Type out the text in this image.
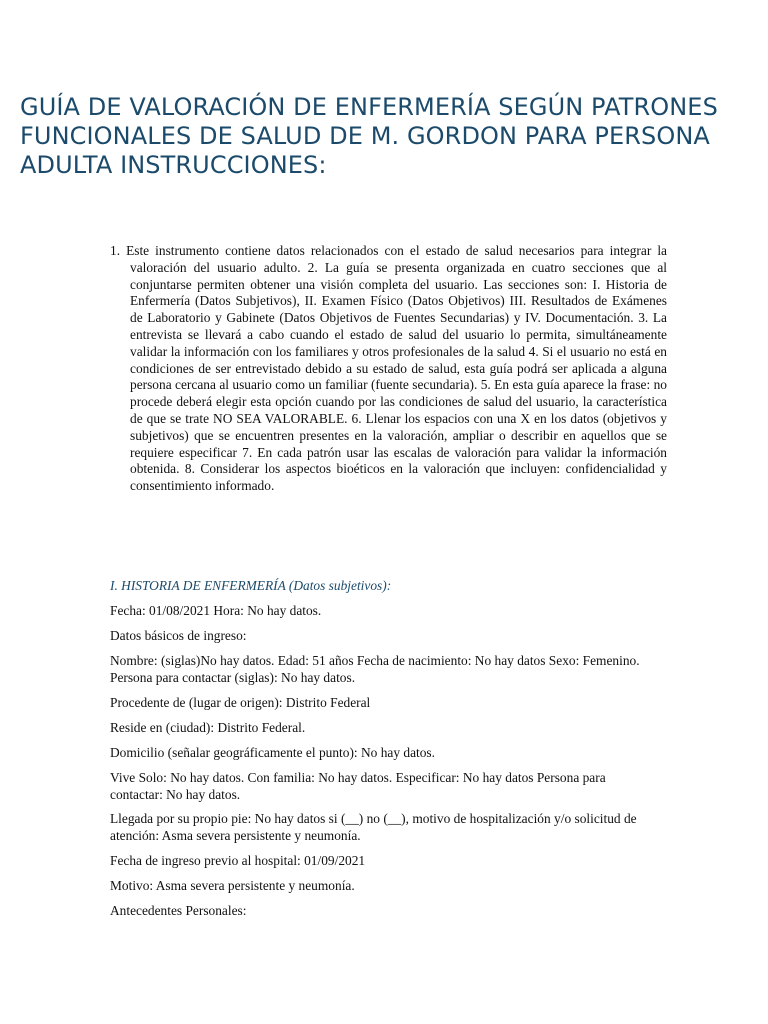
GUÍA DE VALORACIÓN DE ENFERMERÍA SEGÚN PATRONES FUNCIONALES DE SALUD DE M. GORDON PARA PERSONA ADULTA INSTRUCCIONES:

1. Este instrumento contiene datos relacionados con el estado de salud necesarios para integrar la valoración del usuario adulto. 2. La guía se presenta organizada en cuatro secciones que al conjuntarse permiten obtener una visión completa del usuario. Las secciones son: I. Historia de Enfermería (Datos Subjetivos), II. Examen Físico (Datos Objetivos) III. Resultados de Exámenes de Laboratorio y Gabinete (Datos Objetivos de Fuentes Secundarias) y IV. Documentación. 3. La entrevista se llevará a cabo cuando el estado de salud del usuario lo permita, simultáneamente validar la información con los familiares y otros profesionales de la salud 4. Si el usuario no está en condiciones de ser entrevistado debido a su estado de salud, esta guía podrá ser aplicada a alguna persona cercana al usuario como un familiar (fuente secundaria). 5. En esta guía aparece la frase: no procede deberá elegir esta opción cuando por las condiciones de salud del usuario, la característica de que se trate NO SEA VALORABLE. 6. Llenar los espacios con una X en los datos (objetivos y subjetivos) que se encuentren presentes en la valoración, ampliar o describir en aquellos que se requiere especificar 7. En cada patrón usar las escalas de valoración para validar la información obtenida. 8. Considerar los aspectos bioéticos en la valoración que incluyen: confidencialidad y consentimiento informado.

I. HISTORIA DE ENFERMERÍA (Datos subjetivos):

Fecha: 01/08/2021 Hora: No hay datos.

Datos básicos de ingreso:

Nombre: (siglas)No hay datos. Edad: 51 años Fecha de nacimiento: No hay datos Sexo: Femenino. Persona para contactar (siglas): No hay datos.

Procedente de (lugar de origen): Distrito Federal

Reside en (ciudad): Distrito Federal.

Domicilio (señalar geográficamente el punto): No hay datos.

Vive Solo: No hay datos. Con familia: No hay datos. Especificar: No hay datos Persona para contactar: No hay datos.

Llegada por su propio pie: No hay datos si (__) no (__), motivo de hospitalización y/o solicitud de atención: Asma severa persistente y neumonía.

Fecha de ingreso previo al hospital: 01/09/2021

Motivo: Asma severa persistente y neumonía.

Antecedentes Personales:
